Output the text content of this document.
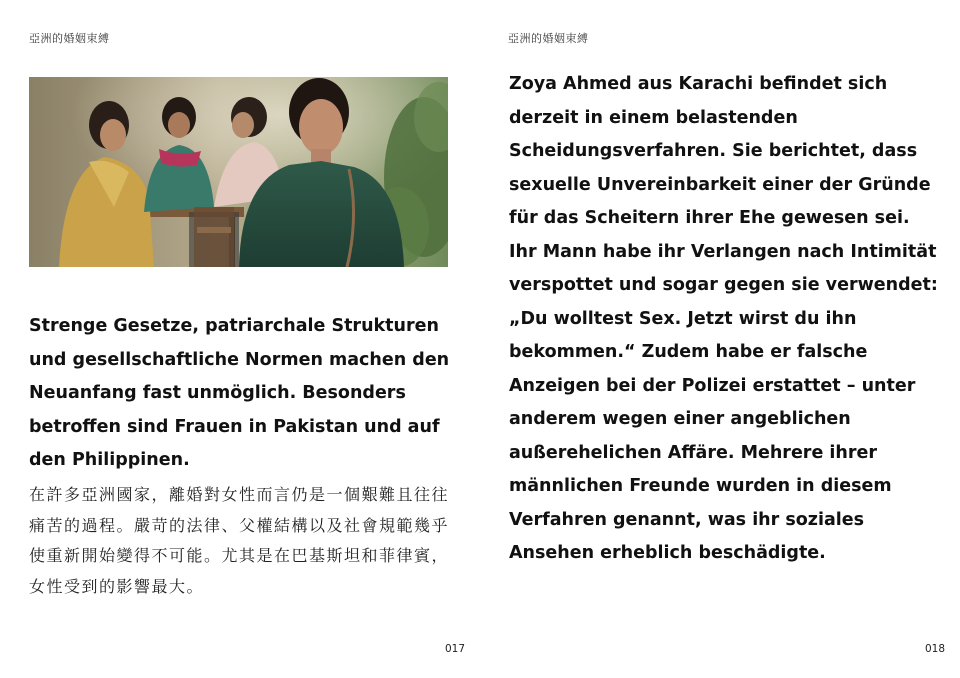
亞洲的婚姻束縛
Strenge Gesetze, patriarchale Strukturen und gesellschaftliche Normen machen den Neuanfang fast unmöglich. Besonders betroffen sind Frauen in Pakistan und auf den Philippinen.
在許多亞洲國家，離婚對女性而言仍是一個艱難且往往痛苦的過程。嚴苛的法律、父權結構以及社會規範幾乎使重新開始變得不可能。尤其是在巴基斯坦和菲律賓，女性受到的影響最大。
017
亞洲的婚姻束縛
Zoya Ahmed aus Karachi befindet sich derzeit in einem belastenden Scheidungsverfahren. Sie berichtet, dass sexuelle Unvereinbarkeit einer der Gründe für das Scheitern ihrer Ehe gewesen sei. Ihr Mann habe ihr Verlangen nach Intimität verspottet und sogar gegen sie verwendet: „Du wolltest Sex. Jetzt wirst du ihn bekommen.“ Zudem habe er falsche Anzeigen bei der Polizei erstattet – unter anderem wegen einer angeblichen außerehelichen Affäre. Mehrere ihrer männlichen Freunde wurden in diesem Verfahren genannt, was ihr soziales Ansehen erheblich beschädigte.
018
